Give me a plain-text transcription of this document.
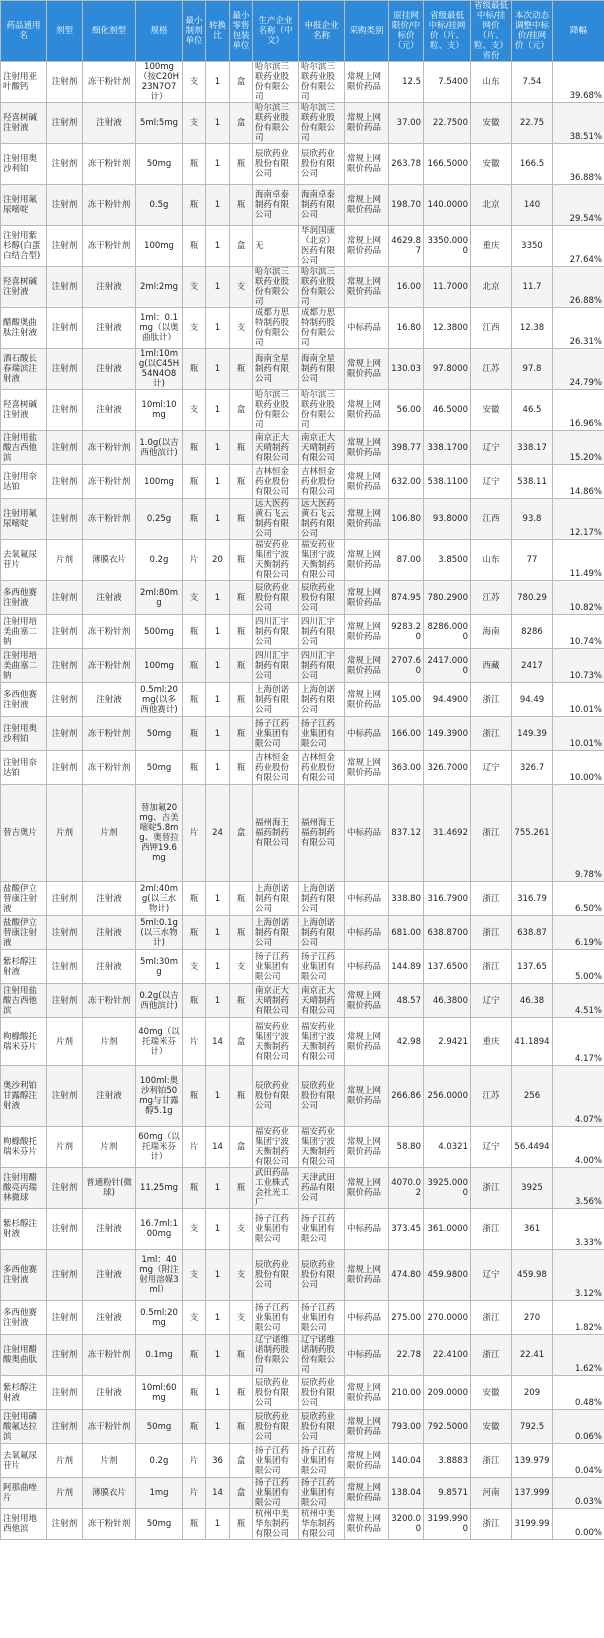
药品通用名	剂型	细化剂型	规格	最小制剂单位	转换比	最小零售包装单位	生产企业名称（中文）	申报企业名称	采购类别	原挂网限价/中标价（元）	省级最低中标/挂网价（片、粒、支）	省级最低中标/挂网价（片、粒、支）省份	本次动态调整中标价/挂网价（元）	降幅
注射用亚叶酸钙	注射剂	冻干粉针剂	100mg（按C20H23N7O7计）	支	1	盒	哈尔滨三联药业股份有限公司	哈尔滨三联药业股份有限公司	常规上网限价药品	12.5	7.5400	山东	7.54	39.68%
羟喜树碱注射液	注射剂	注射液	5ml:5mg	支	1	盒	哈尔滨三联药业股份有限公司	哈尔滨三联药业股份有限公司	常规上网限价药品	37.00	22.7500	安徽	22.75	38.51%
注射用奥沙利铂	注射剂	冻干粉针剂	50mg	瓶	1	瓶	辰欣药业股份有限公司	辰欣药业股份有限公司	常规上网限价药品	263.78	166.5000	安徽	166.5	36.88%
注射用氟尿嘧啶	注射剂	冻干粉针剂	0.5g	瓶	1	瓶	海南卓泰制药有限公司	海南卓泰制药有限公司	常规上网限价药品	198.70	140.0000	北京	140	29.54%
注射用紫杉醇(白蛋白结合型)	注射剂	冻干粉针剂	100mg	瓶	1	盒	无	华润国康（北京）医药有限公司	常规上网限价药品	4629.87	3350.0000	重庆	3350	27.64%
羟喜树碱注射液	注射剂	注射液	2ml:2mg	支	1	支	哈尔滨三联药业股份有限公司	哈尔滨三联药业股份有限公司	常规上网限价药品	16.00	11.7000	北京	11.7	26.88%
醋酸奥曲肽注射液	注射剂	注射液	1ml：0.1mg（以奥曲肽计）	支	1	支	成都力思特制药股份有限公司	成都力思特制药股份有限公司	中标药品	16.80	12.3800	江西	12.38	26.31%
酒石酸长春瑞滨注射液	注射剂	注射液	1ml:10mg(以C45H54N4O8计)	瓶	1	瓶	海南全星制药有限公司	海南全星制药有限公司	常规上网限价药品	130.03	97.8000	江苏	97.8	24.79%
羟喜树碱注射液	注射剂	注射液	10ml:10mg	支	1	盒	哈尔滨三联药业股份有限公司	哈尔滨三联药业股份有限公司	常规上网限价药品	56.00	46.5000	安徽	46.5	16.96%
注射用盐酸吉西他滨	注射剂	冻干粉针剂	1.0g(以吉西他滨计)	瓶	1	瓶	南京正大天晴制药有限公司	南京正大天晴制药有限公司	常规上网限价药品	398.77	338.1700	辽宁	338.17	15.20%
注射用奈达铂	注射剂	冻干粉针剂	100mg	瓶	1	瓶	吉林恒金药业股份有限公司	吉林恒金药业股份有限公司	常规上网限价药品	632.00	538.1100	辽宁	538.11	14.86%
注射用氟尿嘧啶	注射剂	冻干粉针剂	0.25g	瓶	1	瓶	远大医药黄石飞云制药有限公司	远大医药黄石飞云制药有限公司	常规上网限价药品	106.80	93.8000	江西	93.8	12.17%
去氧氟尿苷片	片剂	薄膜衣片	0.2g	片	20	瓶	福安药业集团宁波天衡制药有限公司	福安药业集团宁波天衡制药有限公司	常规上网限价药品	87.00	3.8500	山东	77	11.49%
多西他赛注射液	注射剂	注射液	2ml:80mg	支	1	瓶	辰欣药业股份有限公司	辰欣药业股份有限公司	常规上网限价药品	874.95	780.2900	江苏	780.29	10.82%
注射用培美曲塞二钠	注射剂	冻干粉针剂	500mg	瓶	1	瓶	四川汇宇制药有限公司	四川汇宇制药有限公司	常规上网限价药品	9283.20	8286.0000	海南	8286	10.74%
注射用培美曲塞二钠	注射剂	冻干粉针剂	100mg	瓶	1	瓶	四川汇宇制药有限公司	四川汇宇制药有限公司	常规上网限价药品	2707.60	2417.0000	西藏	2417	10.73%
多西他赛注射液	注射剂	注射液	0.5ml:20mg(以多西他赛计)	瓶	1	瓶	上海创诺制药有限公司	上海创诺制药有限公司	常规上网限价药品	105.00	94.4900	浙江	94.49	10.01%
注射用奥沙利铂	注射剂	冻干粉针剂	50mg	瓶	1	瓶	扬子江药业集团有限公司	扬子江药业集团有限公司	中标药品	166.00	149.3900	浙江	149.39	10.01%
注射用奈达铂	注射剂	冻干粉针剂	50mg	瓶	1	瓶	吉林恒金药业股份有限公司	吉林恒金药业股份有限公司	常规上网限价药品	363.00	326.7000	辽宁	326.7	10.00%
替吉奥片	片剂	片剂	替加氟20mg、吉美嘧啶5.8mg、奥替拉西钾19.6mg	片	24	盒	福州海王福药制药有限公司	福州海王福药制药有限公司	中标药品	837.12	31.4692	浙江	755.261	9.78%
盐酸伊立替康注射液	注射剂	注射液	2ml:40mg(以三水物计)	瓶	1	瓶	上海创诺制药有限公司	上海创诺制药有限公司	中标药品	338.80	316.7900	浙江	316.79	6.50%
盐酸伊立替康注射液	注射剂	注射液	5ml:0.1g(以三水物计)	瓶	1	瓶	上海创诺制药有限公司	上海创诺制药有限公司	中标药品	681.00	638.8700	浙江	638.87	6.19%
紫杉醇注射液	注射剂	注射液	5ml:30mg	支	1	支	扬子江药业集团有限公司	扬子江药业集团有限公司	中标药品	144.89	137.6500	浙江	137.65	5.00%
注射用盐酸吉西他滨	注射剂	冻干粉针剂	0.2g(以吉西他滨计)	瓶	1	瓶	南京正大天晴制药有限公司	南京正大天晴制药有限公司	常规上网限价药品	48.57	46.3800	辽宁	46.38	4.51%
枸橼酸托瑞米芬片	片剂	片剂	40mg（以托瑞米芬计）	片	14	盒	福安药业集团宁波天衡制药有限公司	福安药业集团宁波天衡制药有限公司	常规上网限价药品	42.98	2.9421	重庆	41.1894	4.17%
奥沙利铂甘露醇注射液	注射剂	注射液	100ml:奥沙利铂50mg与甘露醇5.1g	瓶	1	瓶	辰欣药业股份有限公司	辰欣药业股份有限公司	常规上网限价药品	266.86	256.0000	江苏	256	4.07%
枸橼酸托瑞米芬片	片剂	片剂	60mg（以托瑞米芬计）	片	14	盒	福安药业集团宁波天衡制药有限公司	福安药业集团宁波天衡制药有限公司	常规上网限价药品	58.80	4.0321	辽宁	56.4494	4.00%
注射用醋酸亮丙瑞林微球	注射剂	普通粉针(微球)	11.25mg	瓶	1	瓶	武田药品工业株式会社光工厂	天津武田药品有限公司	常规上网限价药品	4070.02	3925.0000	浙江	3925	3.56%
紫杉醇注射液	注射剂	注射液	16.7ml:100mg	支	1	支	扬子江药业集团有限公司	扬子江药业集团有限公司	中标药品	373.45	361.0000	浙江	361	3.33%
多西他赛注射液	注射剂	注射液	1ml：40mg（附注射用溶媒3ml）	支	1	支	辰欣药业股份有限公司	辰欣药业股份有限公司	常规上网限价药品	474.80	459.9800	辽宁	459.98	3.12%
多西他赛注射液	注射剂	注射液	0.5ml:20mg	支	1	支	扬子江药业集团有限公司	扬子江药业集团有限公司	中标药品	275.00	270.0000	浙江	270	1.82%
注射用醋酸奥曲肽	注射剂	冻干粉针剂	0.1mg	瓶	1	瓶	辽宁诺维诺制药股份有限公司	辽宁诺维诺制药股份有限公司	中标药品	22.78	22.4100	浙江	22.41	1.62%
紫杉醇注射液	注射剂	注射液	10ml:60mg	瓶	1	瓶	辰欣药业股份有限公司	辰欣药业股份有限公司	常规上网限价药品	210.00	209.0000	安徽	209	0.48%
注射用磷酸氟达拉滨	注射剂	冻干粉针剂	50mg	瓶	1	瓶	辰欣药业股份有限公司	辰欣药业股份有限公司	常规上网限价药品	793.00	792.5000	安徽	792.5	0.06%
去氧氟尿苷片	片剂	片剂	0.2g	片	36	盒	扬子江药业集团有限公司	扬子江药业集团有限公司	常规上网限价药品	140.04	3.8883	浙江	139.979	0.04%
阿那曲唑片	片剂	薄膜衣片	1mg	片	14	盒	扬子江药业集团有限公司	扬子江药业集团有限公司	常规上网限价药品	138.04	9.8571	河南	137.999	0.03%
注射用地西他滨	注射剂	冻干粉针剂	50mg	瓶	1	瓶	杭州中美华东制药有限公司	杭州中美华东制药有限公司	常规上网限价药品	3200.00	3199.9900	浙江	3199.99	0.00%
